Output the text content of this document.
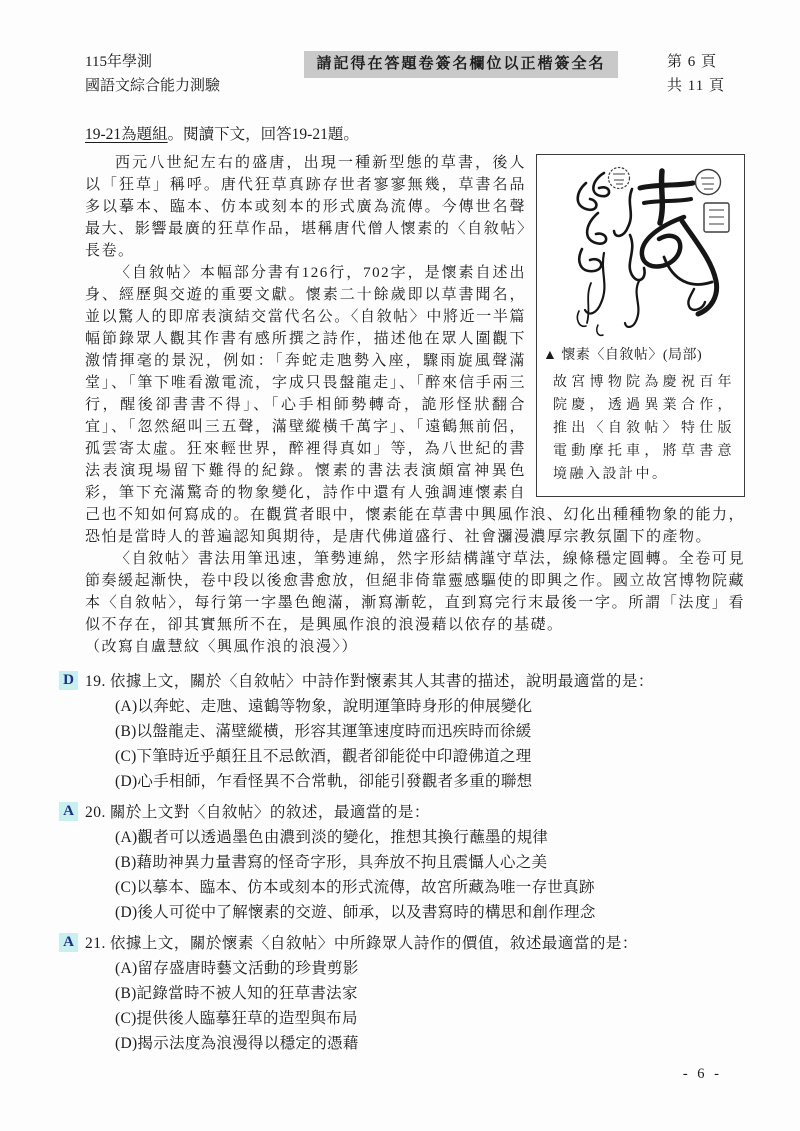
115年學測
國語文綜合能力測驗
請記得在答題卷簽名欄位以正楷簽全名	第 6 頁
共 11 頁
19-21為題組。閱讀下文，回答19-21題。
▲ 懷素〈自敘帖〉(局部)
故宮博物院為慶祝百年院慶，透過異業合作，推出〈自敘帖〉特仕版電動摩托車，將草書意境融入設計中。

西元八世紀左右的盛唐，出現一種新型態的草書，後人以「狂草」稱呼。唐代狂草真跡存世者寥寥無幾，草書名品多以摹本、臨本、仿本或刻本的形式廣為流傳。今傳世名聲最大、影響最廣的狂草作品，堪稱唐代僧人懷素的〈自敘帖〉長卷。

〈自敘帖〉本幅部分書有126行，702字，是懷素自述出身、經歷與交遊的重要文獻。懷素二十餘歲即以草書聞名，並以驚人的即席表演結交當代名公。〈自敘帖〉中將近一半篇幅節錄眾人觀其作書有感所撰之詩作，描述他在眾人圍觀下激情揮毫的景況，例如：「奔蛇走虺勢入座，驟雨旋風聲滿堂」、「筆下唯看激電流，字成只畏盤龍走」、「醉來信手兩三行，醒後卻書書不得」、「心手相師勢轉奇，詭形怪狀翻合宜」、「忽然絕叫三五聲，滿壁縱橫千萬字」、「遠鶴無前侶，孤雲寄太虛。狂來輕世界，醉裡得真如」等，為八世紀的書法表演現場留下難得的紀錄。懷素的書法表演頗富神異色彩，筆下充滿驚奇的物象變化，詩作中還有人強調連懷素自己也不知如何寫成的。在觀賞者眼中，懷素能在草書中興風作浪、幻化出種種物象的能力，恐怕是當時人的普遍認知與期待，是唐代佛道盛行、社會瀰漫濃厚宗教氛圍下的產物。

〈自敘帖〉書法用筆迅速，筆勢連綿，然字形結構謹守草法，線條穩定圓轉。全卷可見節奏緩起漸快，卷中段以後愈書愈放，但絕非倚靠靈感驅使的即興之作。國立故宮博物院藏本〈自敘帖〉，每行第一字墨色飽滿，漸寫漸乾，直到寫完行末最後一字。所謂「法度」看似不存在，卻其實無所不在，是興風作浪的浪漫藉以依存的基礎。

（改寫自盧慧紋〈興風作浪的浪漫〉）

D 19. 依據上文，關於〈自敘帖〉中詩作對懷素其人其書的描述，說明最適當的是：
(A)以奔蛇、走虺、遠鶴等物象，說明運筆時身形的伸展變化
(B)以盤龍走、滿壁縱橫，形容其運筆速度時而迅疾時而徐緩
(C)下筆時近乎顛狂且不忌飲酒，觀者卻能從中印證佛道之理
(D)心手相師，乍看怪異不合常軌，卻能引發觀者多重的聯想
A 20. 關於上文對〈自敘帖〉的敘述，最適當的是：
(A)觀者可以透過墨色由濃到淡的變化，推想其換行蘸墨的規律
(B)藉助神異力量書寫的怪奇字形，具奔放不拘且震懾人心之美
(C)以摹本、臨本、仿本或刻本的形式流傳，故宮所藏為唯一存世真跡
(D)後人可從中了解懷素的交遊、師承，以及書寫時的構思和創作理念
A 21. 依據上文，關於懷素〈自敘帖〉中所錄眾人詩作的價值，敘述最適當的是：
(A)留存盛唐時藝文活動的珍貴剪影
(B)記錄當時不被人知的狂草書法家
(C)提供後人臨摹狂草的造型與布局
(D)揭示法度為浪漫得以穩定的憑藉
- 6 -
